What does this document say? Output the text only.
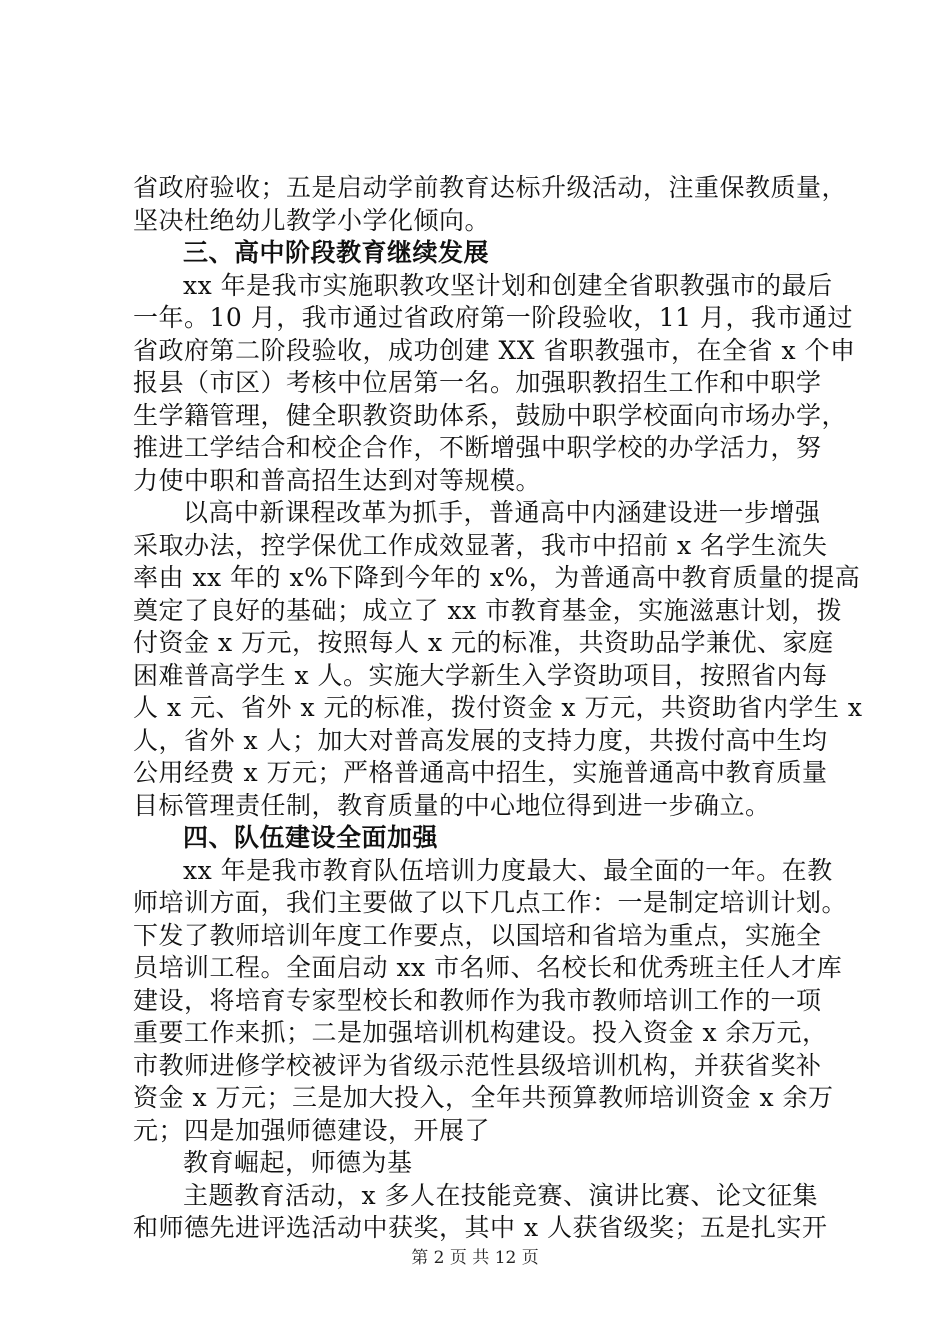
省政府验收；五是启动学前教育达标升级活动，注重保教质量，
坚决杜绝幼儿教学小学化倾向。
三、高中阶段教育继续发展
xx 年是我市实施职教攻坚计划和创建全省职教强市的最后
一年。10 月，我市通过省政府第一阶段验收，11 月，我市通过
省政府第二阶段验收，成功创建 XX 省职教强市，在全省 x 个申
报县（市区）考核中位居第一名。加强职教招生工作和中职学
生学籍管理，健全职教资助体系，鼓励中职学校面向市场办学，
推进工学结合和校企合作，不断增强中职学校的办学活力，努
力使中职和普高招生达到对等规模。
以高中新课程改革为抓手，普通高中内涵建设进一步增强
采取办法，控学保优工作成效显著，我市中招前 x 名学生流失
率由 xx 年的 x%下降到今年的 x%，为普通高中教育质量的提高
奠定了良好的基础；成立了 xx 市教育基金，实施滋惠计划，拨
付资金 x 万元，按照每人 x 元的标准，共资助品学兼优、家庭
困难普高学生 x 人。实施大学新生入学资助项目，按照省内每
人 x 元、省外 x 元的标准，拨付资金 x 万元，共资助省内学生 x
人，省外 x 人；加大对普高发展的支持力度，共拨付高中生均
公用经费 x 万元；严格普通高中招生，实施普通高中教育质量
目标管理责任制，教育质量的中心地位得到进一步确立。
四、队伍建设全面加强
xx 年是我市教育队伍培训力度最大、最全面的一年。在教
师培训方面，我们主要做了以下几点工作：一是制定培训计划。
下发了教师培训年度工作要点，以国培和省培为重点，实施全
员培训工程。全面启动 xx 市名师、名校长和优秀班主任人才库
建设，将培育专家型校长和教师作为我市教师培训工作的一项
重要工作来抓；二是加强培训机构建设。投入资金 x 余万元，
市教师进修学校被评为省级示范性县级培训机构，并获省奖补
资金 x 万元；三是加大投入，全年共预算教师培训资金 x 余万
元；四是加强师德建设，开展了
教育崛起，师德为基
主题教育活动，x 多人在技能竞赛、演讲比赛、论文征集
和师德先进评选活动中获奖，其中 x 人获省级奖；五是扎实开
第 2 页 共 12 页
